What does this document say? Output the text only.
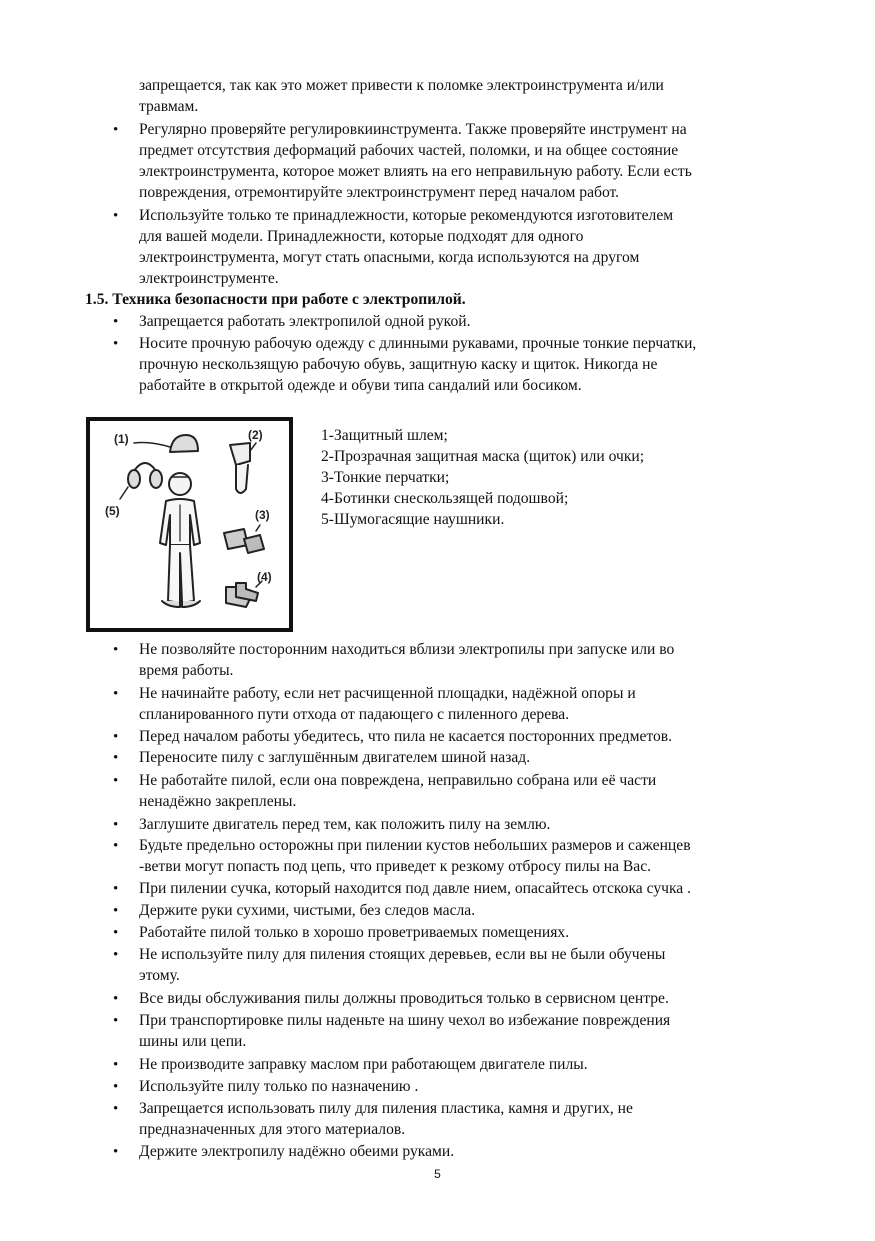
запрещается, так как это может привести к поломке электроинструмента и/или
травмам.
• Регулярно проверяйте регулировкиинструмента. Также проверяйте инструмент на
предмет отсутствия деформаций рабочих частей, поломки, и на общее состояние
электроинструмента, которое может влиять на его неправильную работу. Если есть
повреждения, отремонтируйте электроинструмент перед началом работ.
• Используйте только те принадлежности, которые рекомендуются изготовителем
для вашей модели. Принадлежности, которые подходят для одного
электроинструмента, могут стать опасными, когда используются на другом
электроинструменте.
1.5. Техника безопасности при работе с электропилой.
• Запрещается работать электропилой одной рукой.
• Носите прочную рабочую одежду с длинными рукавами, прочные тонкие перчатки,
прочную нескользящую рабочую обувь, защитную каску и щиток. Никогда не
работайте в открытой одежде и обуви типа сандалий или босиком.
(1)	(2)
(3)
(4)
(5)
1-Защитный шлем;
2-Прозрачная защитная маска (щиток) или очки;
3-Тонкие перчатки;
4-Ботинки снескользящей подошвой;
5-Шумогасящие наушники.
• Не позволяйте посторонним находиться вблизи электропилы при запуске или во
время работы.
• Не начинайте работу, если нет расчищенной площадки, надёжной опоры и
спланированного пути отхода от падающего с пиленного дерева.
• Перед началом работы убедитесь, что пила не касается посторонних предметов.
• Переносите пилу с заглушённым двигателем шиной назад.
• Не работайте пилой, если она повреждена, неправильно собрана или её части
ненадёжно закреплены.
• Заглушите двигатель перед тем, как положить пилу на землю.
• Будьте предельно осторожны при пилении кустов небольших размеров и саженцев
-ветви могут попасть под цепь, что приведет к резкому отбросу пилы на Вас.
• При пилении сучка, который находится под давле нием, опасайтесь отскока сучка .
• Держите руки сухими, чистыми, без следов масла.
• Работайте пилой только в хорошо проветриваемых помещениях.
• Не используйте пилу для пиления стоящих деревьев, если вы не были обучены
этому.
• Все виды обслуживания пилы должны проводиться только в сервисном центре.
• При транспортировке пилы наденьте на шину чехол во избежание повреждения
шины или цепи.
• Не производите заправку маслом при работающем двигателе пилы.
• Используйте пилу только по назначению .
• Запрещается использовать пилу для пиления пластика, камня и других, не
предназначенных для этого материалов.
• Держите электропилу надёжно обеими руками.
5
